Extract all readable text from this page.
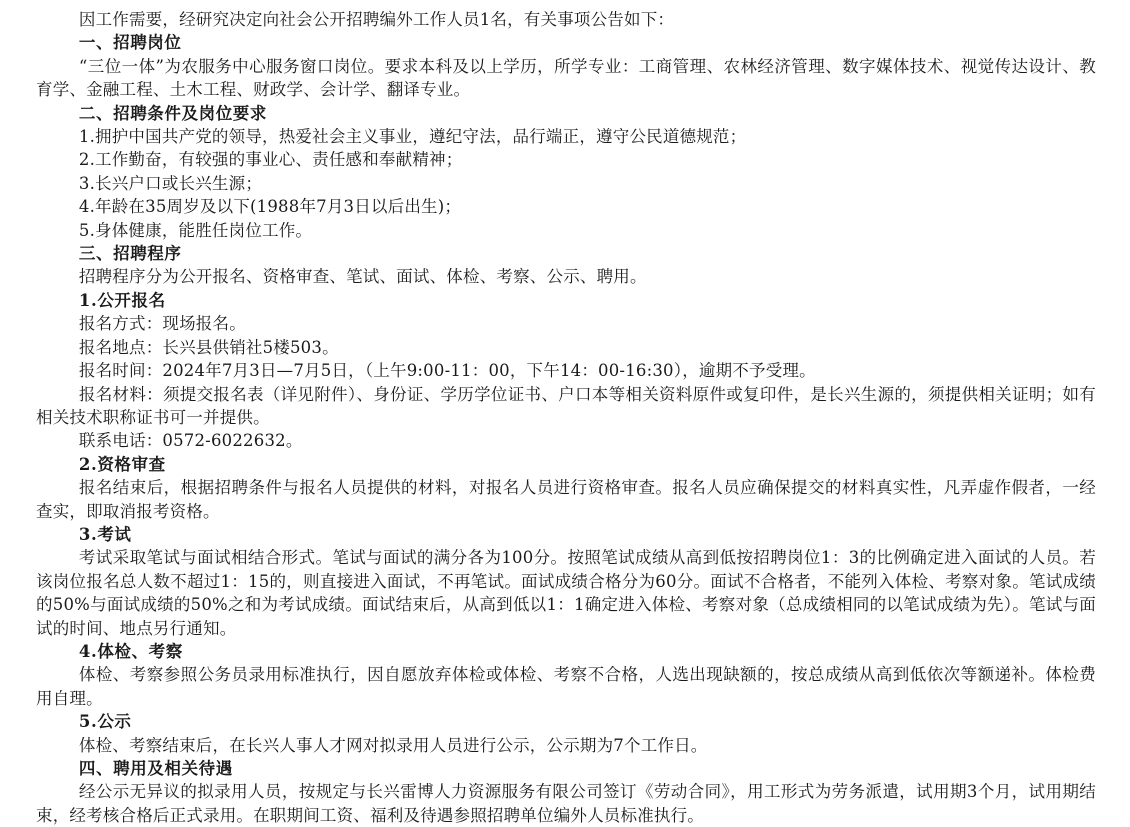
因工作需要，经研究决定向社会公开招聘编外工作人员1名，有关事项公告如下：

一、招聘岗位

“三位一体”为农服务中心服务窗口岗位。要求本科及以上学历，所学专业：工商管理、农林经济管理、数字媒体技术、视觉传达设计、教育学、金融工程、土木工程、财政学、会计学、翻译专业。

二、招聘条件及岗位要求

1.拥护中国共产党的领导，热爱社会主义事业，遵纪守法，品行端正，遵守公民道德规范；

2.工作勤奋，有较强的事业心、责任感和奉献精神；

3.长兴户口或长兴生源；

4.年龄在35周岁及以下(1988年7月3日以后出生)；

5.身体健康，能胜任岗位工作。

三、招聘程序

招聘程序分为公开报名、资格审查、笔试、面试、体检、考察、公示、聘用。

1.公开报名

报名方式：现场报名。

报名地点：长兴县供销社5楼503。

报名时间：2024年7月3日—7月5日，（上午9:00-11：00，下午14：00-16:30），逾期不予受理。

报名材料：须提交报名表（详见附件）、身份证、学历学位证书、户口本等相关资料原件或复印件，是长兴生源的，须提供相关证明；如有相关技术职称证书可一并提供。

联系电话：0572-6022632。

2.资格审查

报名结束后，根据招聘条件与报名人员提供的材料，对报名人员进行资格审查。报名人员应确保提交的材料真实性，凡弄虚作假者，一经查实，即取消报考资格。

3.考试

考试采取笔试与面试相结合形式。笔试与面试的满分各为100分。按照笔试成绩从高到低按招聘岗位1：3的比例确定进入面试的人员。若该岗位报名总人数不超过1：15的，则直接进入面试，不再笔试。面试成绩合格分为60分。面试不合格者，不能列入体检、考察对象。笔试成绩的50%与面试成绩的50%之和为考试成绩。面试结束后，从高到低以1：1确定进入体检、考察对象（总成绩相同的以笔试成绩为先）。笔试与面试的时间、地点另行通知。

4.体检、考察

体检、考察参照公务员录用标准执行，因自愿放弃体检或体检、考察不合格，人选出现缺额的，按总成绩从高到低依次等额递补。体检费用自理。

5.公示

体检、考察结束后，在长兴人事人才网对拟录用人员进行公示，公示期为7个工作日。

四、聘用及相关待遇

经公示无异议的拟录用人员，按规定与长兴雷博人力资源服务有限公司签订《劳动合同》，用工形式为劳务派遣，试用期3个月，试用期结束，经考核合格后正式录用。在职期间工资、福利及待遇参照招聘单位编外人员标准执行。
